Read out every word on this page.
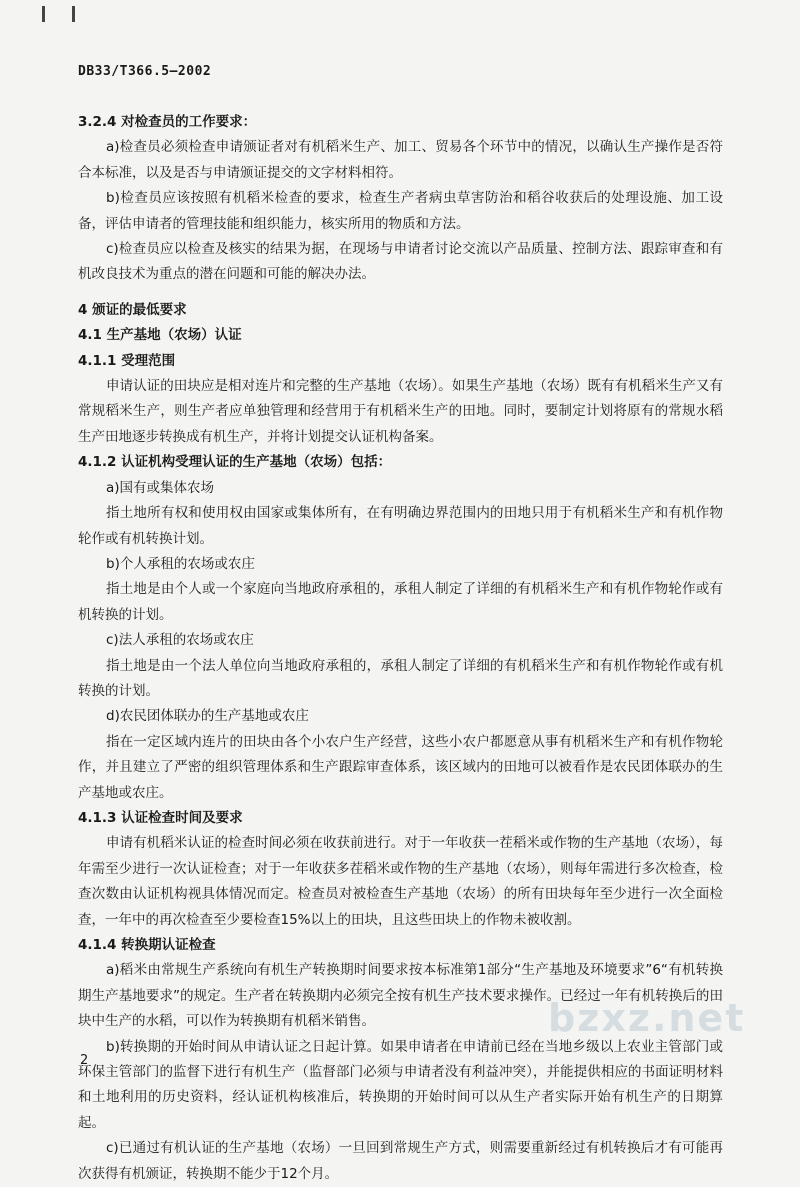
DB33/T366.5—2002

3.2.4 对检查员的工作要求：

a)检查员必须检查申请颁证者对有机稻米生产、加工、贸易各个环节中的情况，以确认生产操作是否符合本标准，以及是否与申请颁证提交的文字材料相符。

b)检查员应该按照有机稻米检查的要求，检查生产者病虫草害防治和稻谷收获后的处理设施、加工设备，评估申请者的管理技能和组织能力，核实所用的物质和方法。

c)检查员应以检查及核实的结果为据，在现场与申请者讨论交流以产品质量、控制方法、跟踪审查和有机改良技术为重点的潜在问题和可能的解决办法。

4 颁证的最低要求

4.1 生产基地（农场）认证

4.1.1 受理范围

申请认证的田块应是相对连片和完整的生产基地（农场）。如果生产基地（农场）既有有机稻米生产又有常规稻米生产，则生产者应单独管理和经营用于有机稻米生产的田地。同时，要制定计划将原有的常规水稻生产田地逐步转换成有机生产，并将计划提交认证机构备案。

4.1.2 认证机构受理认证的生产基地（农场）包括：

a)国有或集体农场

指土地所有权和使用权由国家或集体所有，在有明确边界范围内的田地只用于有机稻米生产和有机作物轮作或有机转换计划。

b)个人承租的农场或农庄

指土地是由个人或一个家庭向当地政府承租的，承租人制定了详细的有机稻米生产和有机作物轮作或有机转换的计划。

c)法人承租的农场或农庄

指土地是由一个法人单位向当地政府承租的，承租人制定了详细的有机稻米生产和有机作物轮作或有机转换的计划。

d)农民团体联办的生产基地或农庄

指在一定区域内连片的田块由各个小农户生产经营，这些小农户都愿意从事有机稻米生产和有机作物轮作，并且建立了严密的组织管理体系和生产跟踪审查体系，该区域内的田地可以被看作是农民团体联办的生产基地或农庄。

4.1.3 认证检查时间及要求

申请有机稻米认证的检查时间必须在收获前进行。对于一年收获一茬稻米或作物的生产基地（农场），每年需至少进行一次认证检查；对于一年收获多茬稻米或作物的生产基地（农场），则每年需进行多次检查，检查次数由认证机构视具体情况而定。检查员对被检查生产基地（农场）的所有田块每年至少进行一次全面检查，一年中的再次检查至少要检查15%以上的田块，且这些田块上的作物未被收割。

4.1.4 转换期认证检查

a)稻米由常规生产系统向有机生产转换期时间要求按本标准第1部分“生产基地及环境要求”6“有机转换期生产基地要求”的规定。生产者在转换期内必须完全按有机生产技术要求操作。已经过一年有机转换后的田块中生产的水稻，可以作为转换期有机稻米销售。

b)转换期的开始时间从申请认证之日起计算。如果申请者在申请前已经在当地乡级以上农业主管部门或环保主管部门的监督下进行有机生产（监督部门必须与申请者没有利益冲突），并能提供相应的书面证明材料和土地利用的历史资料，经认证机构核准后，转换期的开始时间可以从生产者实际开始有机生产的日期算起。

c)已通过有机认证的生产基地（农场）一旦回到常规生产方式，则需要重新经过有机转换后才有可能再次获得有机颁证，转换期不能少于12个月。

bzxz.net
2
